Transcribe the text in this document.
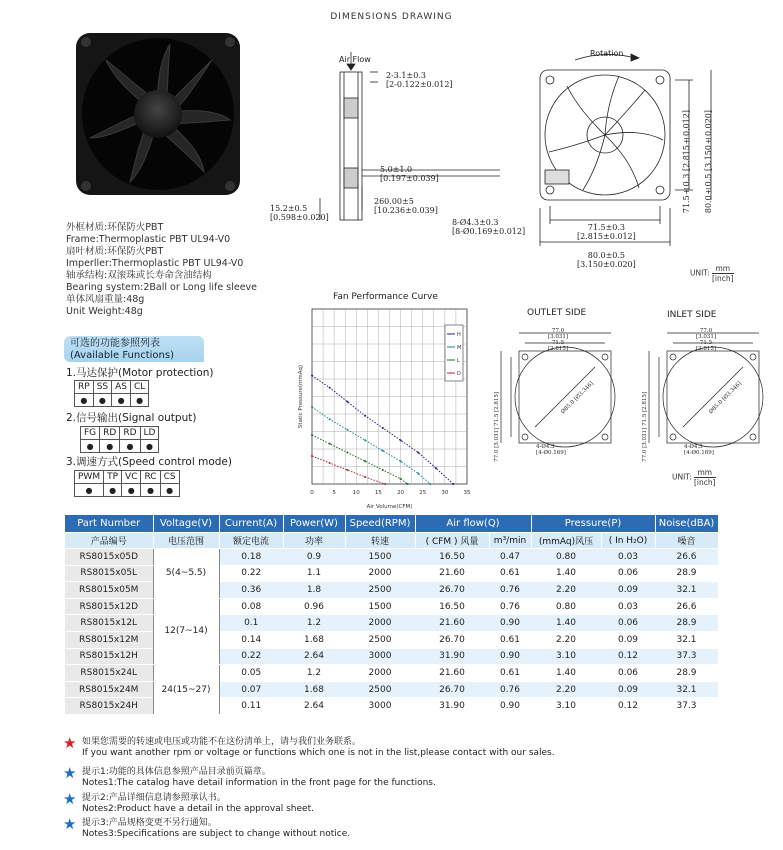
DIMENSIONS DRAWING
Air Flow
2-3.1±0.3
[2-0.122±0.012]
5.0±1.0
[0.197±0.039]
260.00±5
[10.236±0.039]
15.2±0.5
[0.598±0.020]
8-Ø4.3±0.3
[8-Ø0.169±0.012]
Rotation
71.5±0.3 [2.815±0.012]
80.0±0.5 [3.150±0.020]
71.5±0.3
[2.815±0.012]
80.0±0.5
[3.150±0.020]
UNIT: mm
[inch]
外框材质:环保防火PBT
Frame:Thermoplastic PBT UL94-V0
扇叶材质:环保防火PBT
Imperller:Thermoplastic PBT UL94-V0
轴承结构:双滚珠或长寿命含油结构
Bearing system:2Ball or Long life sleeve
单体风扇重量:48g
Unit Weight:48g
可选的功能参照列表
(Available Functions)
1.马达保护(Motor protection)
RP	SS	AS	CL
●	●	●	●
2.信号输出(Signal output)
FG	RD	RD	LD
●	●	●	●
3.调速方式(Speed control mode)
PWM	TP	VC	RC	CS
●	●	●	●	●
Fan Performance Curve
0	5	10	15	20	25	30	35
Air Volume(CFM)
Static Pressure(mmAq)
H
M
L
D
OUTLET SIDE
77.0
[3.031]
71.5
[2.815]
77.0 [3.031] 71.5 [2.815]	Ø85.0 [Ø3.346]
4-Ø4.3
[4-Ø0.169]
INLET SIDE
77.0
[3.031]
71.5
[2.815]
77.0 [3.031] 71.5 [2.815]	Ø85.0 [Ø3.346]
4-Ø4.3
[4-Ø0.169]
UNIT: mm
[inch]
Part Number	Voltage(V)	Current(A)	Power(W)	Speed(RPM)	Air flow(Q)		Pressure(P)		Noise(dBA)
产品编号	电压范围	额定电流	功率	转速	( CFM ) 风量	m³/min	(mmAq)风压	( In H₂O)	噪音
RS8015x05D	5(4~5.5)	0.18	0.9	1500	16.50	0.47	0.80	0.03	26.6
RS8015x05L		0.22	1.1	2000	21.60	0.61	1.40	0.06	28.9
RS8015x05M		0.36	1.8	2500	26.70	0.76	2.20	0.09	32.1
RS8015x12D	12(7~14)	0.08	0.96	1500	16.50	0.76	0.80	0.03	26.6
RS8015x12L		0.1	1.2	2000	21.60	0.90	1.40	0.06	28.9
RS8015x12M		0.14	1.68	2500	26.70	0.61	2.20	0.09	32.1
RS8015x12H		0.22	2.64	3000	31.90	0.90	3.10	0.12	37.3
RS8015x24L	24(15~27)	0.05	1.2	2000	21.60	0.61	1.40	0.06	28.9
RS8015x24M		0.07	1.68	2500	26.70	0.76	2.20	0.09	32.1
RS8015x24H		0.11	2.64	3000	31.90	0.90	3.10	0.12	37.3
★ 如果您需要的转速或电压或功能不在这份清单上，请与我们业务联系。
If you want another rpm or voltage or functions which one is not in the list,please contact with our sales.
★ 提示1:功能的具体信息参照产品目录前页篇章。
Notes1:The catalog have detail information in the front page for the functions.
★ 提示2:产品详细信息请参照承认书。
Notes2:Product have a detail in the approval sheet.
★ 提示3:产品规格变更不另行通知。
Notes3:Specifications are subject to change without notice.
